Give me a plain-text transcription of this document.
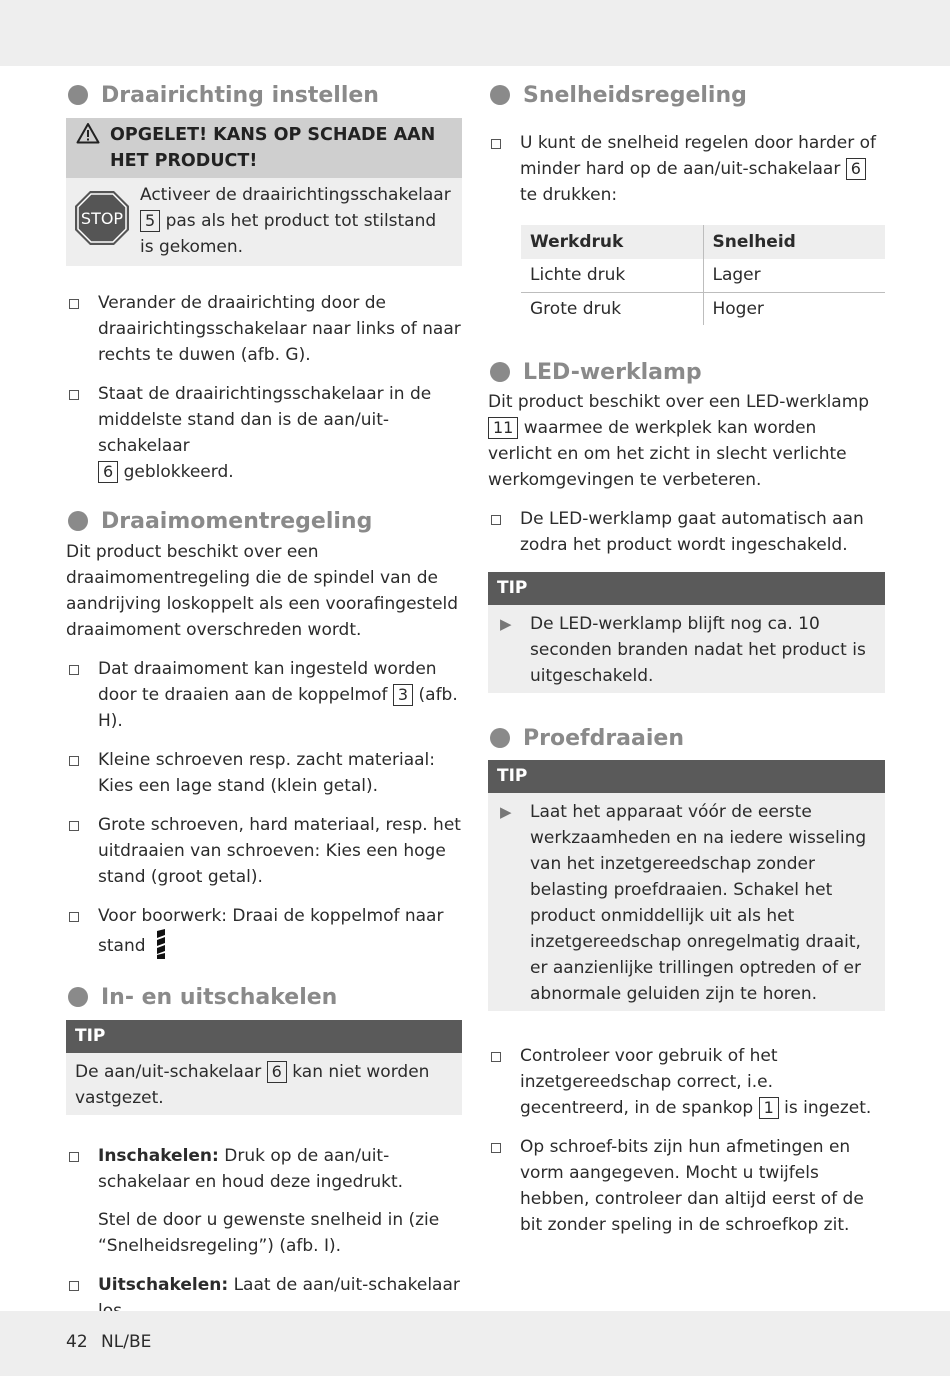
Draairichting instellen
OPGELET! KANS OP SCHADE AAN HET PRODUCT!
STOP

Activeer de draairichtingsschakelaar
5 pas als het product tot stilstand is gekomen.

Verander de draairichting door de draairichtingsschakelaar naar links of naar rechts te duwen (afb. G).
Staat de draairichtingsschakelaar in de middelste stand dan is de aan/uit-schakelaar
6 geblokkeerd.
Draaimomentregeling

Dit product beschikt over een draaimomentregeling die de spindel van de aandrijving loskoppelt als een voorafingesteld draaimoment overschreden wordt.

Dat draaimoment kan ingesteld worden door te draaien aan de koppelmof 3 (afb. H).
Kleine schroeven resp. zacht materiaal: Kies een lage stand (klein getal).
Grote schroeven, hard materiaal, resp. het uitdraaien van schroeven: Kies een hoge stand (groot getal).
Voor boorwerk: Draai de koppelmof naar stand
In- en uitschakelen
TIP

De aan/uit-schakelaar 6 kan niet worden vastgezet.

Inschakelen: Druk op de aan/uit-schakelaar en houd deze ingedrukt.

Stel de door u gewenste snelheid in (zie “Snelheidsregeling”) (afb. I).

Uitschakelen: Laat de aan/uit-schakelaar
Snelheidsregeling
U kunt de snelheid regelen door harder of minder hard op de aan/uit-schakelaar 6 te drukken:
Werkdruk	Snelheid
Lichte druk	Lager
Grote druk	Hoger
LED-werklamp

Dit product beschikt over een LED-werklamp 11 waarmee de werkplek kan worden verlicht en om het zicht in slecht verlichte werkomgevingen te verbeteren.

De LED-werklamp gaat automatisch aan zodra het product wordt ingeschakeld.
TIP
▶	De LED-werklamp blijft nog ca. 10 seconden branden nadat het product is uitgeschakeld.

Proefdraaien
TIP
▶	Laat het apparaat vóór de eerste werkzaamheden en na iedere wisseling van het inzetgereedschap zonder belasting proefdraaien. Schakel het product onmiddellijk uit als het inzetgereedschap onregelmatig draait, er aanzienlijke trillingen optreden of er abnormale geluiden zijn te horen.

Controleer voor gebruik of het inzetgereedschap correct, i.e. gecentreerd, in de spankop 1 is ingezet.
Op schroef-bits zijn hun afmetingen en vorm aangegeven. Mocht u twijfels hebben, controleer dan altijd eerst of de bit zonder speling in de schroefkop zit.
42 NL/BE
